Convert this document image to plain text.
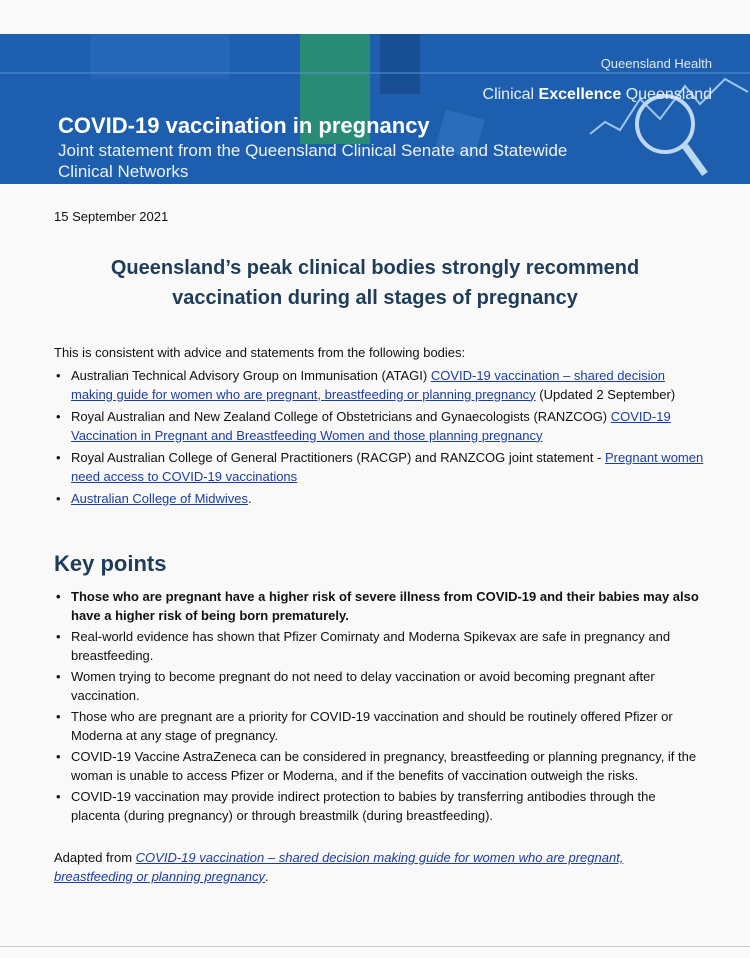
Queensland Health
Clinical Excellence Queensland
COVID-19 vaccination in pregnancy
Joint statement from the Queensland Clinical Senate and Statewide Clinical Networks
15 September 2021
Queensland’s peak clinical bodies strongly recommend vaccination during all stages of pregnancy
This is consistent with advice and statements from the following bodies:
• Australian Technical Advisory Group on Immunisation (ATAGI) COVID-19 vaccination – shared decision making guide for women who are pregnant, breastfeeding or planning pregnancy (Updated 2 September)
• Royal Australian and New Zealand College of Obstetricians and Gynaecologists (RANZCOG) COVID-19 Vaccination in Pregnant and Breastfeeding Women and those planning pregnancy
• Royal Australian College of General Practitioners (RACGP) and RANZCOG joint statement - Pregnant women need access to COVID-19 vaccinations
• Australian College of Midwives.
Key points
• Those who are pregnant have a higher risk of severe illness from COVID-19 and their babies may also have a higher risk of being born prematurely.
• Real-world evidence has shown that Pfizer Comirnaty and Moderna Spikevax are safe in pregnancy and breastfeeding.
• Women trying to become pregnant do not need to delay vaccination or avoid becoming pregnant after vaccination.
• Those who are pregnant are a priority for COVID-19 vaccination and should be routinely offered Pfizer or Moderna at any stage of pregnancy.
• COVID-19 Vaccine AstraZeneca can be considered in pregnancy, breastfeeding or planning pregnancy, if the woman is unable to access Pfizer or Moderna, and if the benefits of vaccination outweigh the risks.
• COVID-19 vaccination may provide indirect protection to babies by transferring antibodies through the placenta (during pregnancy) or through breastmilk (during breastfeeding).
Adapted from COVID-19 vaccination – shared decision making guide for women who are pregnant, breastfeeding or planning pregnancy.
